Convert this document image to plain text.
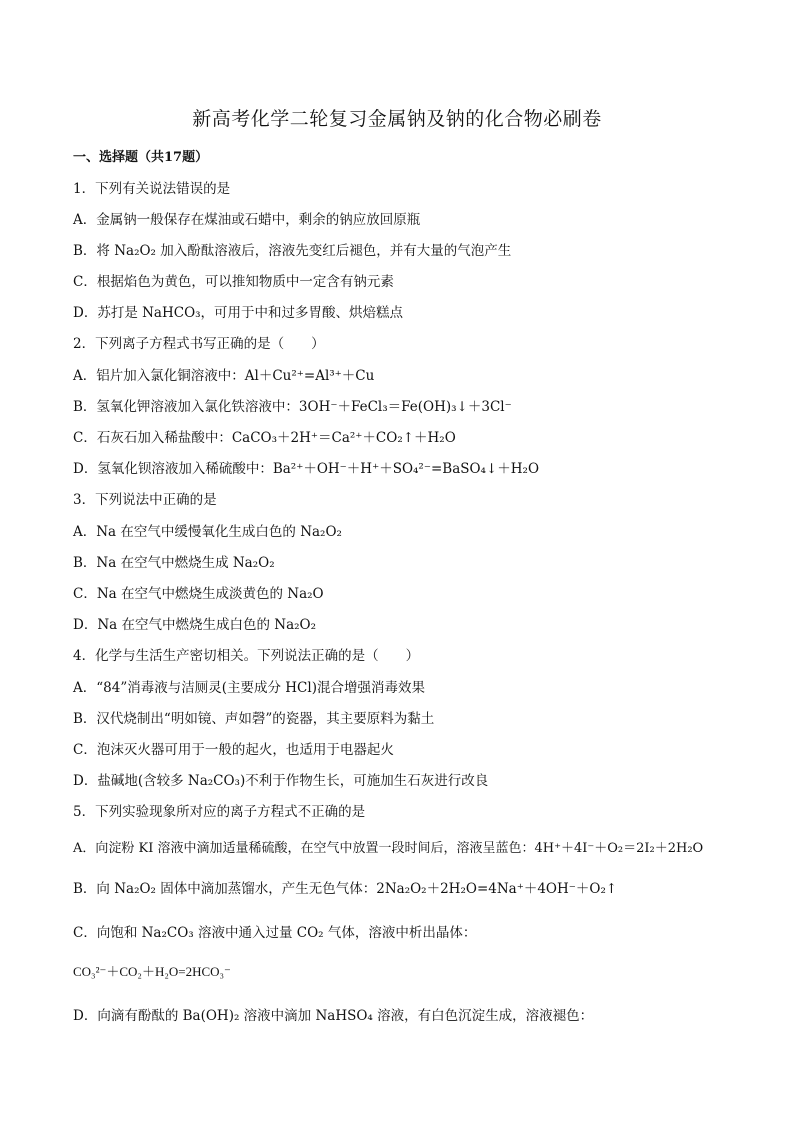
新高考化学二轮复习金属钠及钠的化合物必刷卷
一、选择题（共17题）
1．下列有关说法错误的是
A．金属钠一般保存在煤油或石蜡中，剩余的钠应放回原瓶
B．将 Na₂O₂ 加入酚酞溶液后，溶液先变红后褪色，并有大量的气泡产生
C．根据焰色为黄色，可以推知物质中一定含有钠元素
D．苏打是 NaHCO₃，可用于中和过多胃酸、烘焙糕点
2．下列离子方程式书写正确的是（　　）
A．铝片加入氯化铜溶液中：Al＋Cu²⁺=Al³⁺＋Cu
B．氢氧化钾溶液加入氯化铁溶液中：3OH⁻＋FeCl₃＝Fe(OH)₃↓＋3Cl⁻
C．石灰石加入稀盐酸中：CaCO₃＋2H⁺＝Ca²⁺＋CO₂↑＋H₂O
D．氢氧化钡溶液加入稀硫酸中：Ba²⁺＋OH⁻＋H⁺＋SO₄²⁻=BaSO₄↓＋H₂O
3．下列说法中正确的是
A．Na 在空气中缓慢氧化生成白色的 Na₂O₂
B．Na 在空气中燃烧生成 Na₂O₂
C．Na 在空气中燃烧生成淡黄色的 Na₂O
D．Na 在空气中燃烧生成白色的 Na₂O₂
4．化学与生活生产密切相关。下列说法正确的是（　　）
A．“84”消毒液与洁厕灵(主要成分 HCl)混合增强消毒效果
B．汉代烧制出“明如镜、声如磬”的瓷器，其主要原料为黏土
C．泡沫灭火器可用于一般的起火，也适用于电器起火
D．盐碱地(含较多 Na₂CO₃)不利于作物生长，可施加生石灰进行改良
5．下列实验现象所对应的离子方程式不正确的是
A．向淀粉 KI 溶液中滴加适量稀硫酸，在空气中放置一段时间后，溶液呈蓝色：4H⁺＋4I⁻＋O₂＝2I₂＋2H₂O
B．向 Na₂O₂ 固体中滴加蒸馏水，产生无色气体：2Na₂O₂＋2H₂O=4Na⁺＋4OH⁻＋O₂↑
C．向饱和 Na₂CO₃ 溶液中通入过量 CO₂ 气体，溶液中析出晶体：
CO₃²⁻＋CO₂＋H₂O=2HCO₃⁻
D．向滴有酚酞的 Ba(OH)₂ 溶液中滴加 NaHSO₄ 溶液，有白色沉淀生成，溶液褪色：
